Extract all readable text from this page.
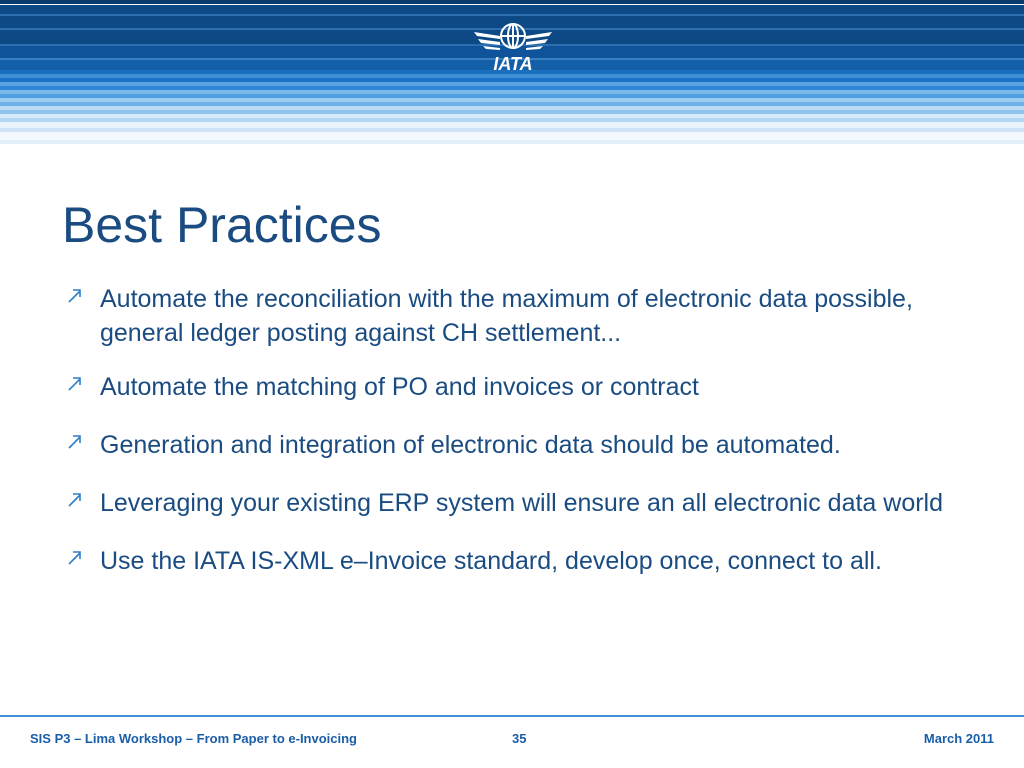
IATA
Best Practices
Automate the reconciliation with the maximum of electronic data possible, general ledger posting against CH settlement...
Automate the matching of PO and invoices or contract
Generation and integration of electronic data should be automated.
Leveraging your existing ERP system will ensure an all electronic data world
Use the IATA IS-XML e–Invoice standard, develop once, connect to all.
SIS P3 – Lima Workshop – From Paper to e-Invoicing	35	March 2011
